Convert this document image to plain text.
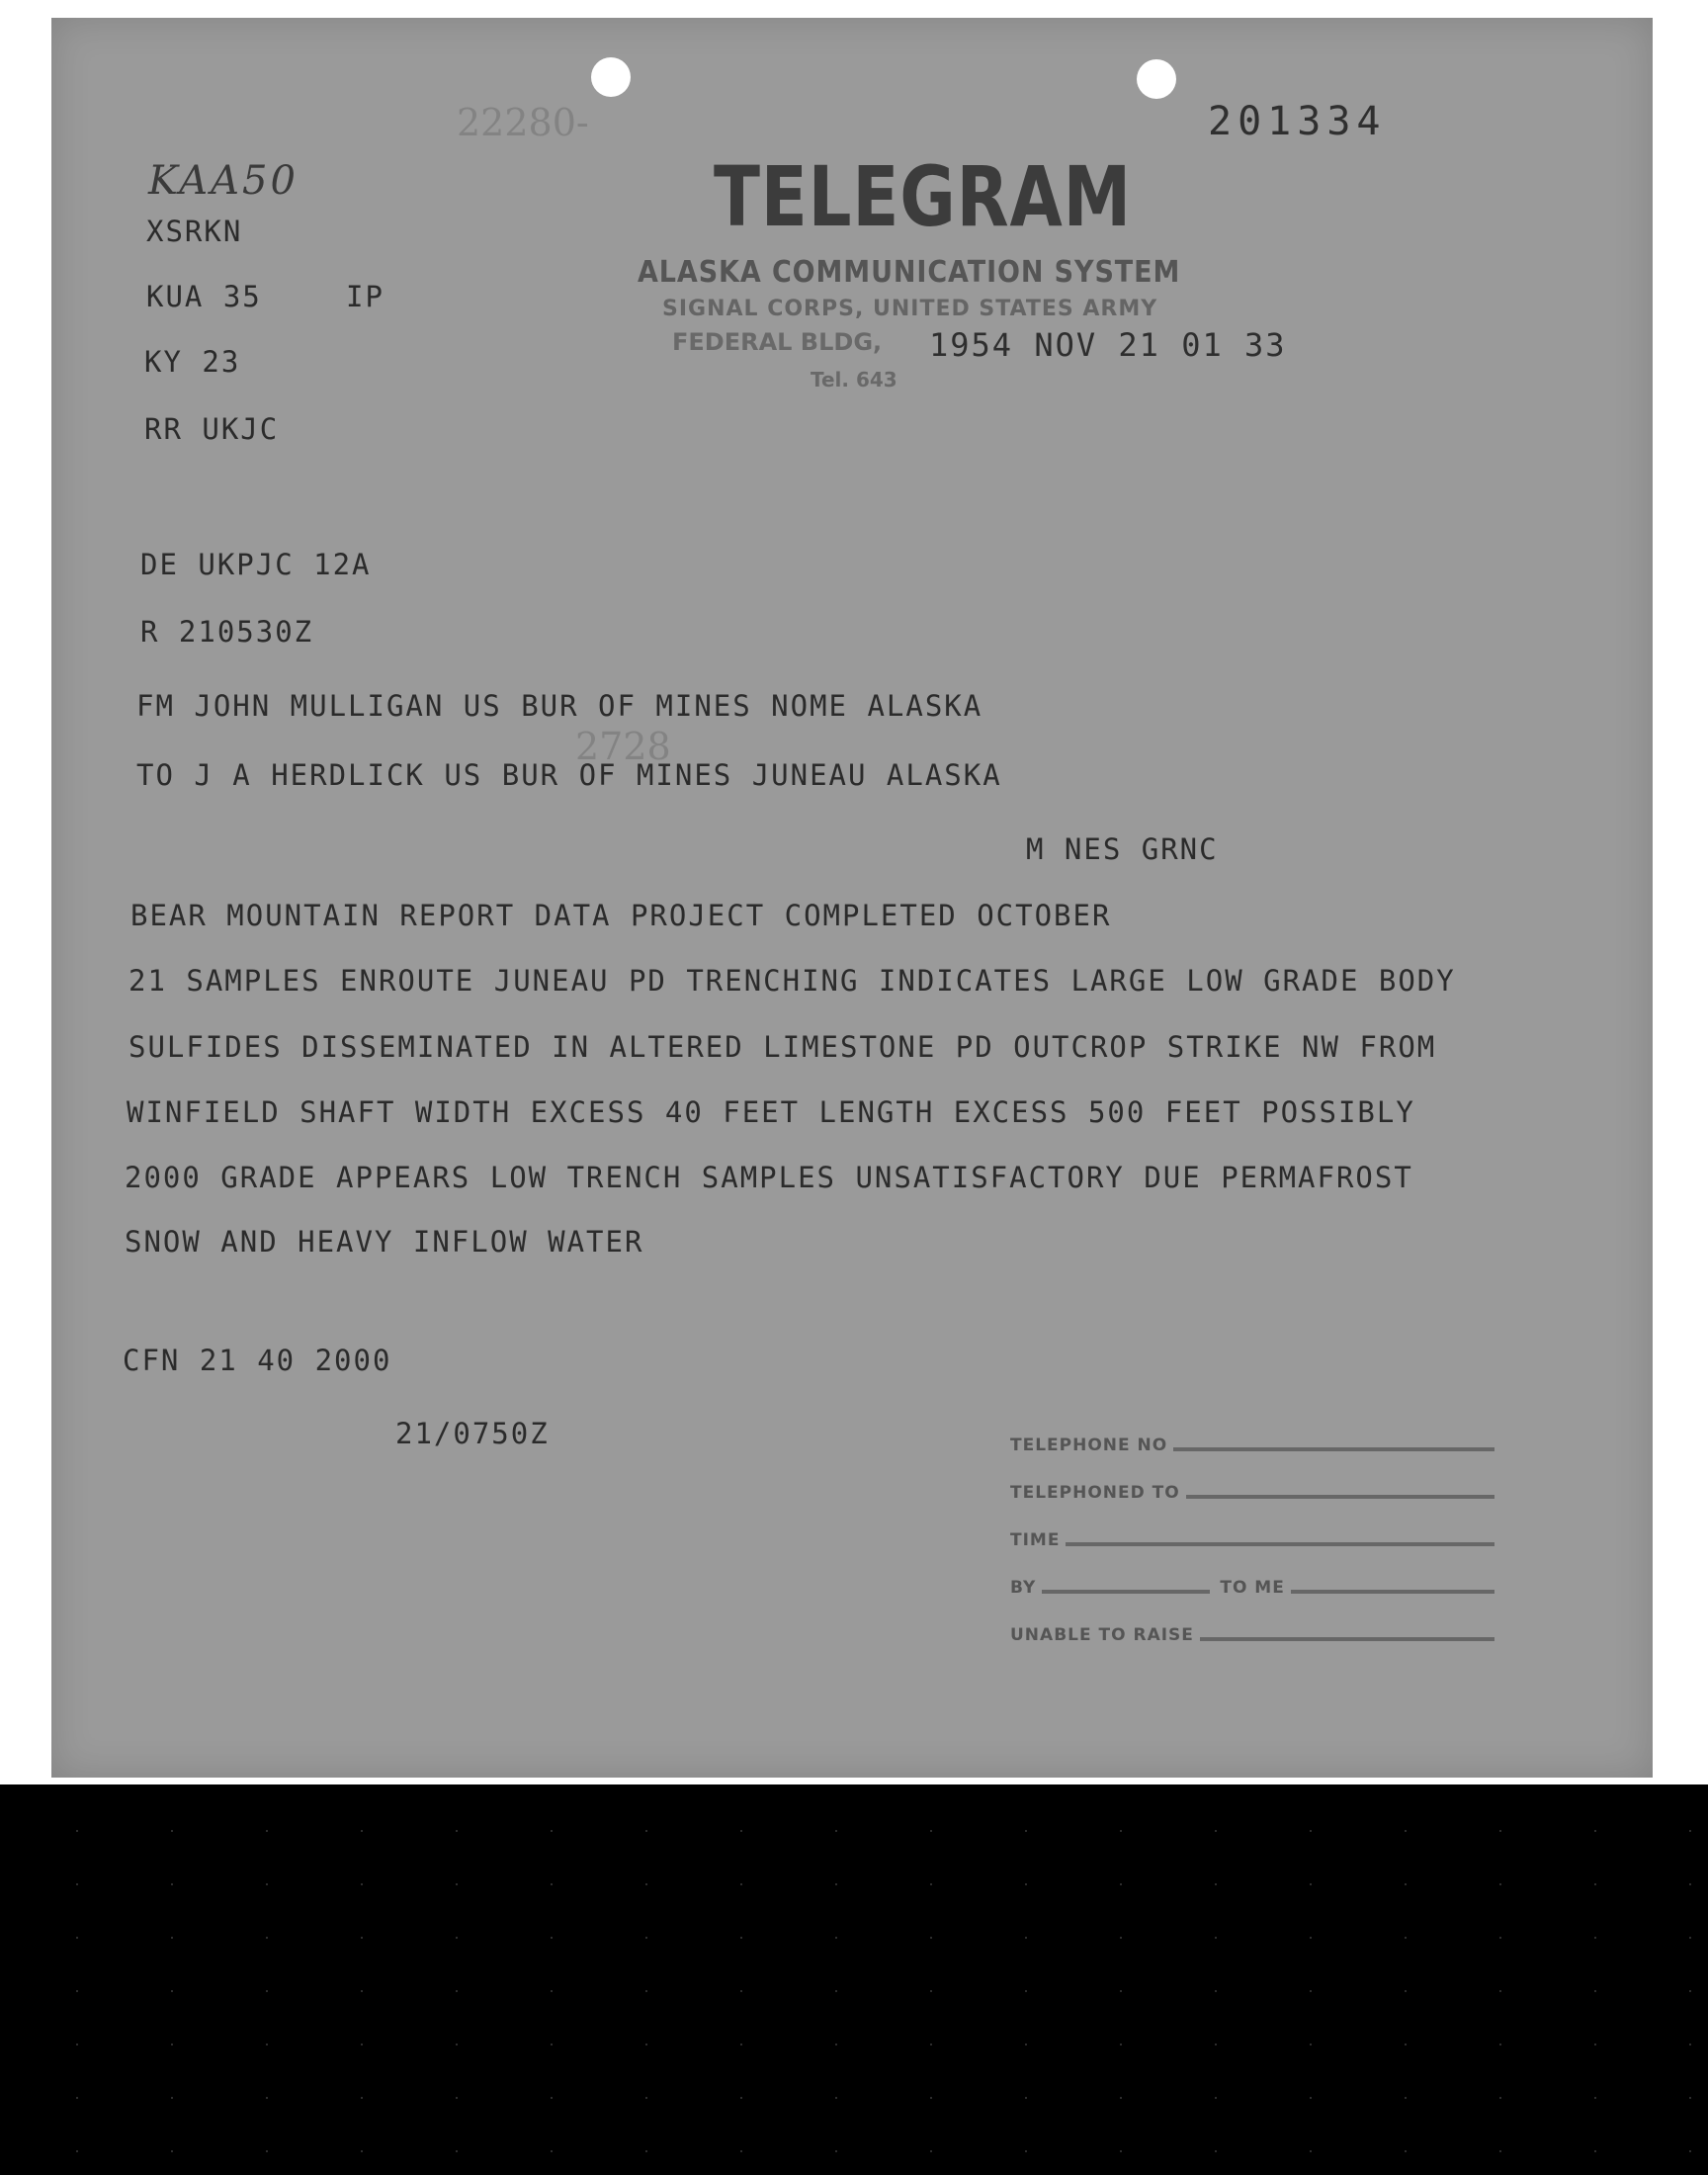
22280-	201334
KAA50
XSRKN
KUA 35	IP
KY 23
RR UKJC
TELEGRAM
ALASKA COMMUNICATION SYSTEM
SIGNAL CORPS, UNITED STATES ARMY
FEDERAL BLDG,
Tel. 643
1954 NOV 21 01 33
DE UKPJC 12A
R 210530Z
FM JOHN MULLIGAN US BUR OF MINES NOME ALASKA
2728
TO J A HERDLICK US BUR OF MINES JUNEAU ALASKA
M NES GRNC
BEAR MOUNTAIN REPORT DATA PROJECT COMPLETED OCTOBER
21 SAMPLES ENROUTE JUNEAU PD TRENCHING INDICATES LARGE LOW GRADE BODY
SULFIDES DISSEMINATED IN ALTERED LIMESTONE PD OUTCROP STRIKE NW FROM
WINFIELD SHAFT WIDTH EXCESS 40 FEET LENGTH EXCESS 500 FEET POSSIBLY
2000 GRADE APPEARS LOW TRENCH SAMPLES UNSATISFACTORY DUE PERMAFROST
SNOW AND HEAVY INFLOW WATER
CFN 21 40 2000
21/0750Z	TELEPHONE NO
TELEPHONED TO
TIME
BY	TO ME
UNABLE TO RAISE
